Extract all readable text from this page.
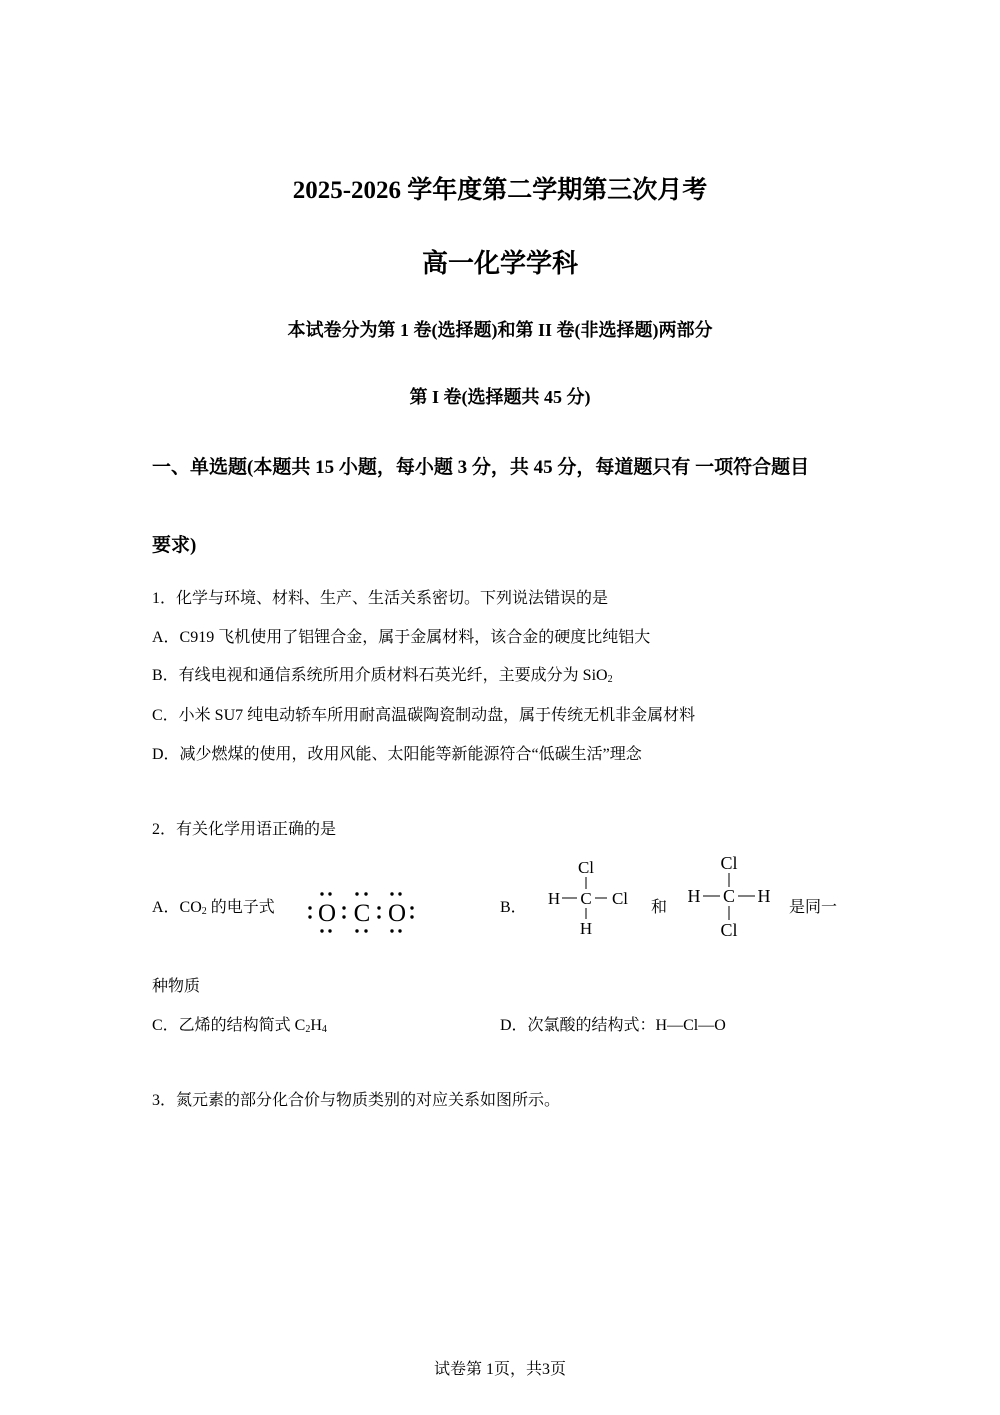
2025-2026 学年度第二学期第三次月考
高一化学学科
本试卷分为第 1 卷(选择题)和第 II 卷(非选择题)两部分
第 I 卷(选择题共 45 分)
一、单选题(本题共 15 小题，每小题 3 分，共 45 分，每道题只有 一项符合题目
要求)
1．化学与环境、材料、生产、生活关系密切。下列说法错误的是
A．C919 飞机使用了铝锂合金，属于金属材料，该合金的硬度比纯铝大
B．有线电视和通信系统所用介质材料石英光纤，主要成分为 SiO$_2$
C．小米 SU7 纯电动轿车所用耐高温碳陶瓷制动盘，属于传统无机非金属材料
D．减少燃煤的使用，改用风能、太阳能等新能源符合“低碳生活”理念
2．有关化学用语正确的是
A．$CO_2$ 的电子式 O C O	B．
Cl
H C Cl
H
和
Cl
H C H
Cl
是同一
种物质
C．乙烯的结构简式 $C_2H_4$	D．次氯酸的结构式：H—Cl—O
3．氮元素的部分化合价与物质类别的对应关系如图所示。
试卷第 1页，共3页
